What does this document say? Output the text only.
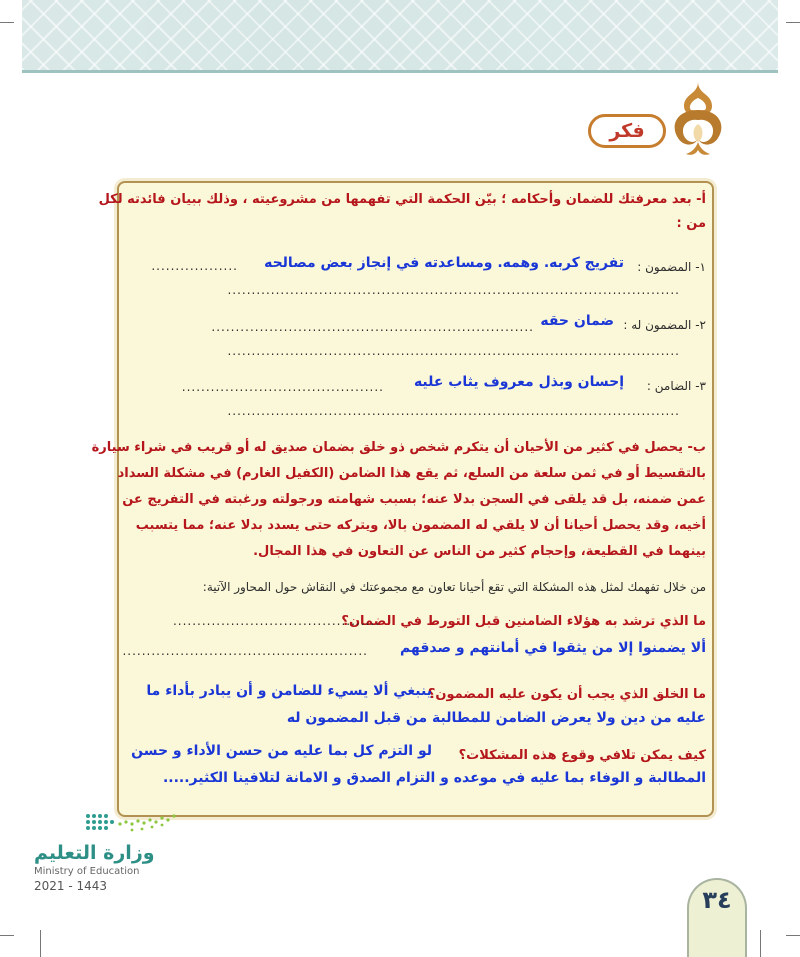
فكر
أ- بعد معرفتك للضمان وأحكامه ؛ بيّن الحكمة التي تفهمها من مشروعيته ، وذلك ببيان فائدته لكل
من :
١- المضمون :
تفريج كربه. وهمه. ومساعدته في إنجاز بعض مصالحه
..................
..............................................................................................
٢- المضمون له :
ضمان حقه
...................................................................
..............................................................................................
٣- الضامن :
إحسان وبذل معروف يثاب عليه
..........................................
..............................................................................................
ب- يحصل في كثير من الأحيان أن يتكرم شخص ذو خلق بضمان صديق له أو قريب في شراء سيارة
بالتقسيط أو في ثمن سلعة من السلع، ثم يقع هذا الضامن (الكفيل الغارم) في مشكلة السداد
عمن ضمنه، بل قد يلقى في السجن بدلا عنه؛ بسبب شهامته ورجولته ورغبته في التفريج عن
أخيه، وقد يحصل أحيانا أن لا يلقي له المضمون بالا، ويتركه حتى يسدد بدلا عنه؛ مما يتسبب
بينهما في القطيعة، وإحجام كثير من الناس عن التعاون في هذا المجال.
من خلال تفهمك لمثل هذه المشكلة التي تقع أحيانا تعاون مع مجموعتك في النقاش حول المحاور الآتية:
ما الذي ترشد به هؤلاء الضامنين قبل التورط في الضمان؟
...........................................
ألا يضمنوا إلا من يثقوا في أمانتهم و صدقهم
...................................................
ما الخلق الذي يجب أن يكون عليه المضمون؟
ينبغي ألا يسيء للضامن و أن يبادر بأداء ما
عليه من دين ولا يعرض الضامن للمطالبة من قبل المضمون له
كيف يمكن تلافي وقوع هذه المشكلات؟
لو التزم كل بما عليه من حسن الأداء و حسن
المطالبة و الوفاء بما عليه في موعده و التزام الصدق و الامانة لتلافينا الكثير.....
وزارة التعليم
Ministry of Education
2021 - 1443	٣٤
